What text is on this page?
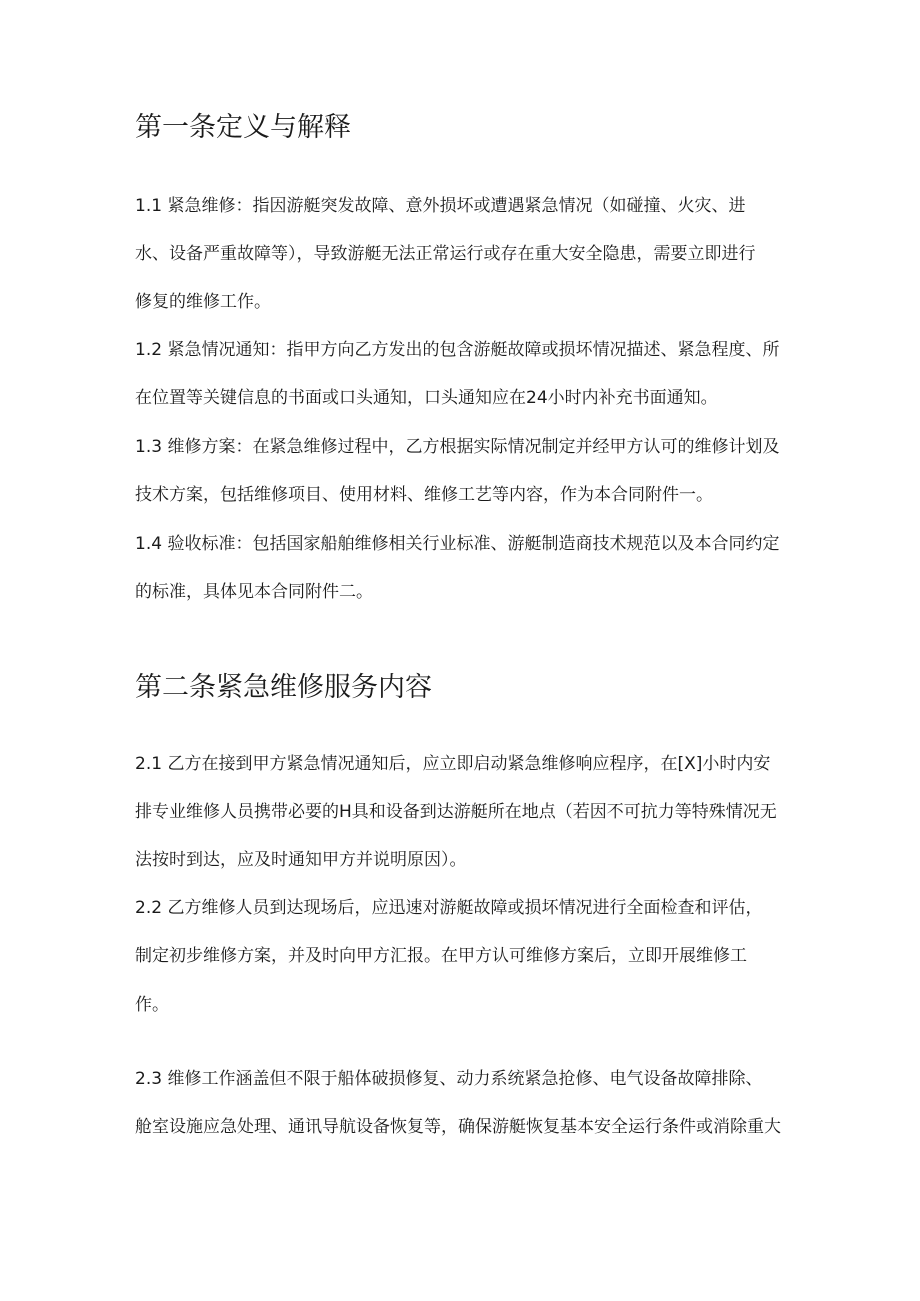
第一条定义与解释

1.1 紧急维修：指因游艇突发故障、意外损坏或遭遇紧急情况（如碰撞、火灾、进

水、设备严重故障等），导致游艇无法正常运行或存在重大安全隐患，需要立即进行

修复的维修工作。

1.2 紧急情况通知：指甲方向乙方发出的包含游艇故障或损坏情况描述、紧急程度、所

在位置等关键信息的书面或口头通知，口头通知应在24小时内补充书面通知。

1.3 维修方案：在紧急维修过程中，乙方根据实际情况制定并经甲方认可的维修计划及

技术方案，包括维修项目、使用材料、维修工艺等内容，作为本合同附件一。

1.4 验收标准：包括国家船舶维修相关行业标准、游艇制造商技术规范以及本合同约定

的标准，具体见本合同附件二。

第二条紧急维修服务内容

2.1 乙方在接到甲方紧急情况通知后，应立即启动紧急维修响应程序，在[X]小时内安

排专业维修人员携带必要的H具和设备到达游艇所在地点（若因不可抗力等特殊情况无

法按时到达，应及时通知甲方并说明原因）。

2.2 乙方维修人员到达现场后，应迅速对游艇故障或损坏情况进行全面检查和评估，

制定初步维修方案，并及时向甲方汇报。在甲方认可维修方案后，立即开展维修工

作。

2.3 维修工作涵盖但不限于船体破损修复、动力系统紧急抢修、电气设备故障排除、

舱室设施应急处理、通讯导航设备恢复等，确保游艇恢复基本安全运行条件或消除重大
